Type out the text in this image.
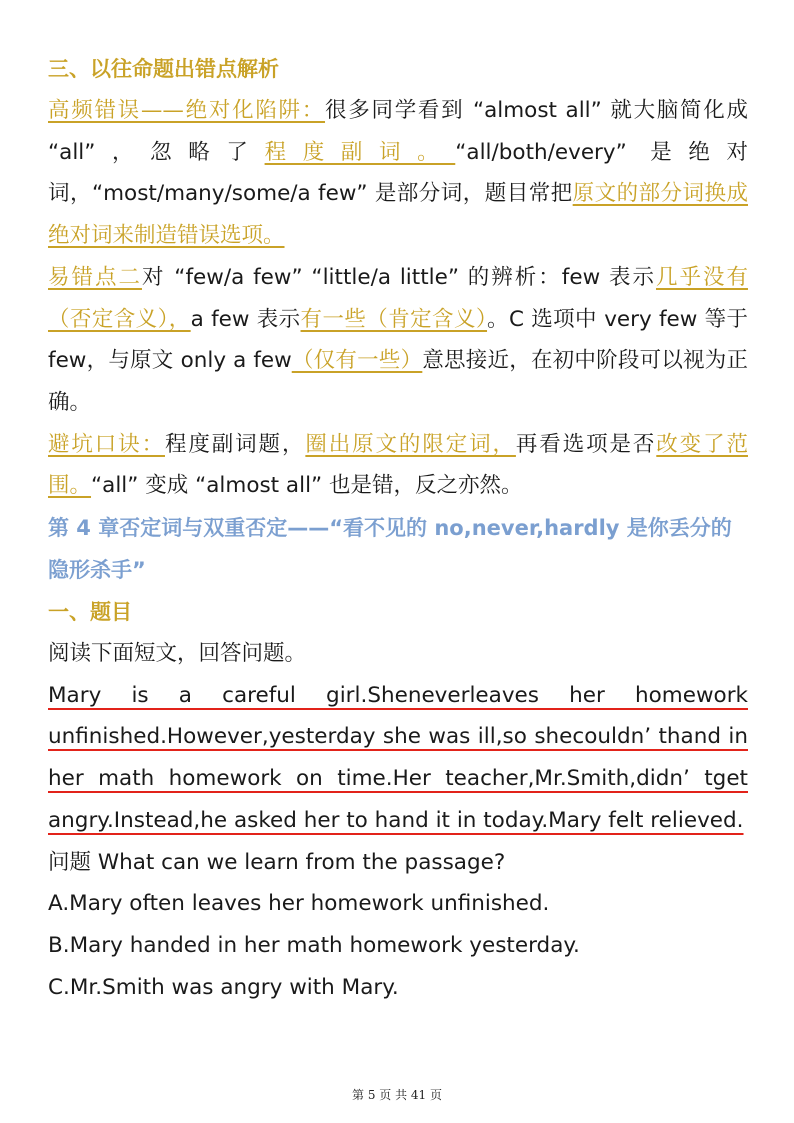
三、以往命题出错点解析
高频错误——绝对化陷阱：很多同学看到 “almost all” 就大脑简化成 “all”，忽略了程度副词。“all/both/every” 是绝对词，“most/many/some/a few” 是部分词，题目常把原文的部分词换成绝对词来制造错误选项。
易错点二对 “few/a few” “little/a little” 的辨析：few 表示几乎没有（否定含义），a few 表示有一些（肯定含义）。C 选项中 very few 等于 few，与原文 only a few（仅有一些）意思接近，在初中阶段可以视为正确。
避坑口诀：程度副词题，圈出原文的限定词，再看选项是否改变了范围。“all” 变成 “almost all” 也是错，反之亦然。
第 4 章否定词与双重否定——“看不见的 no,never,hardly 是你丢分的隐形杀手”
一、题目
阅读下面短文，回答问题。
Mary is a careful girl.Sheneverleaves her homework unfinished.However,yesterday she was ill,so shecouldn’ thand in her math homework on time.Her teacher,Mr.Smith,didn’ tget angry.Instead,he asked her to hand it in today.Mary felt relieved.
问题 What can we learn from the passage?
A.Mary often leaves her homework unfinished.
B.Mary handed in her math homework yesterday.
C.Mr.Smith was angry with Mary.
第 5 页 共 41 页
